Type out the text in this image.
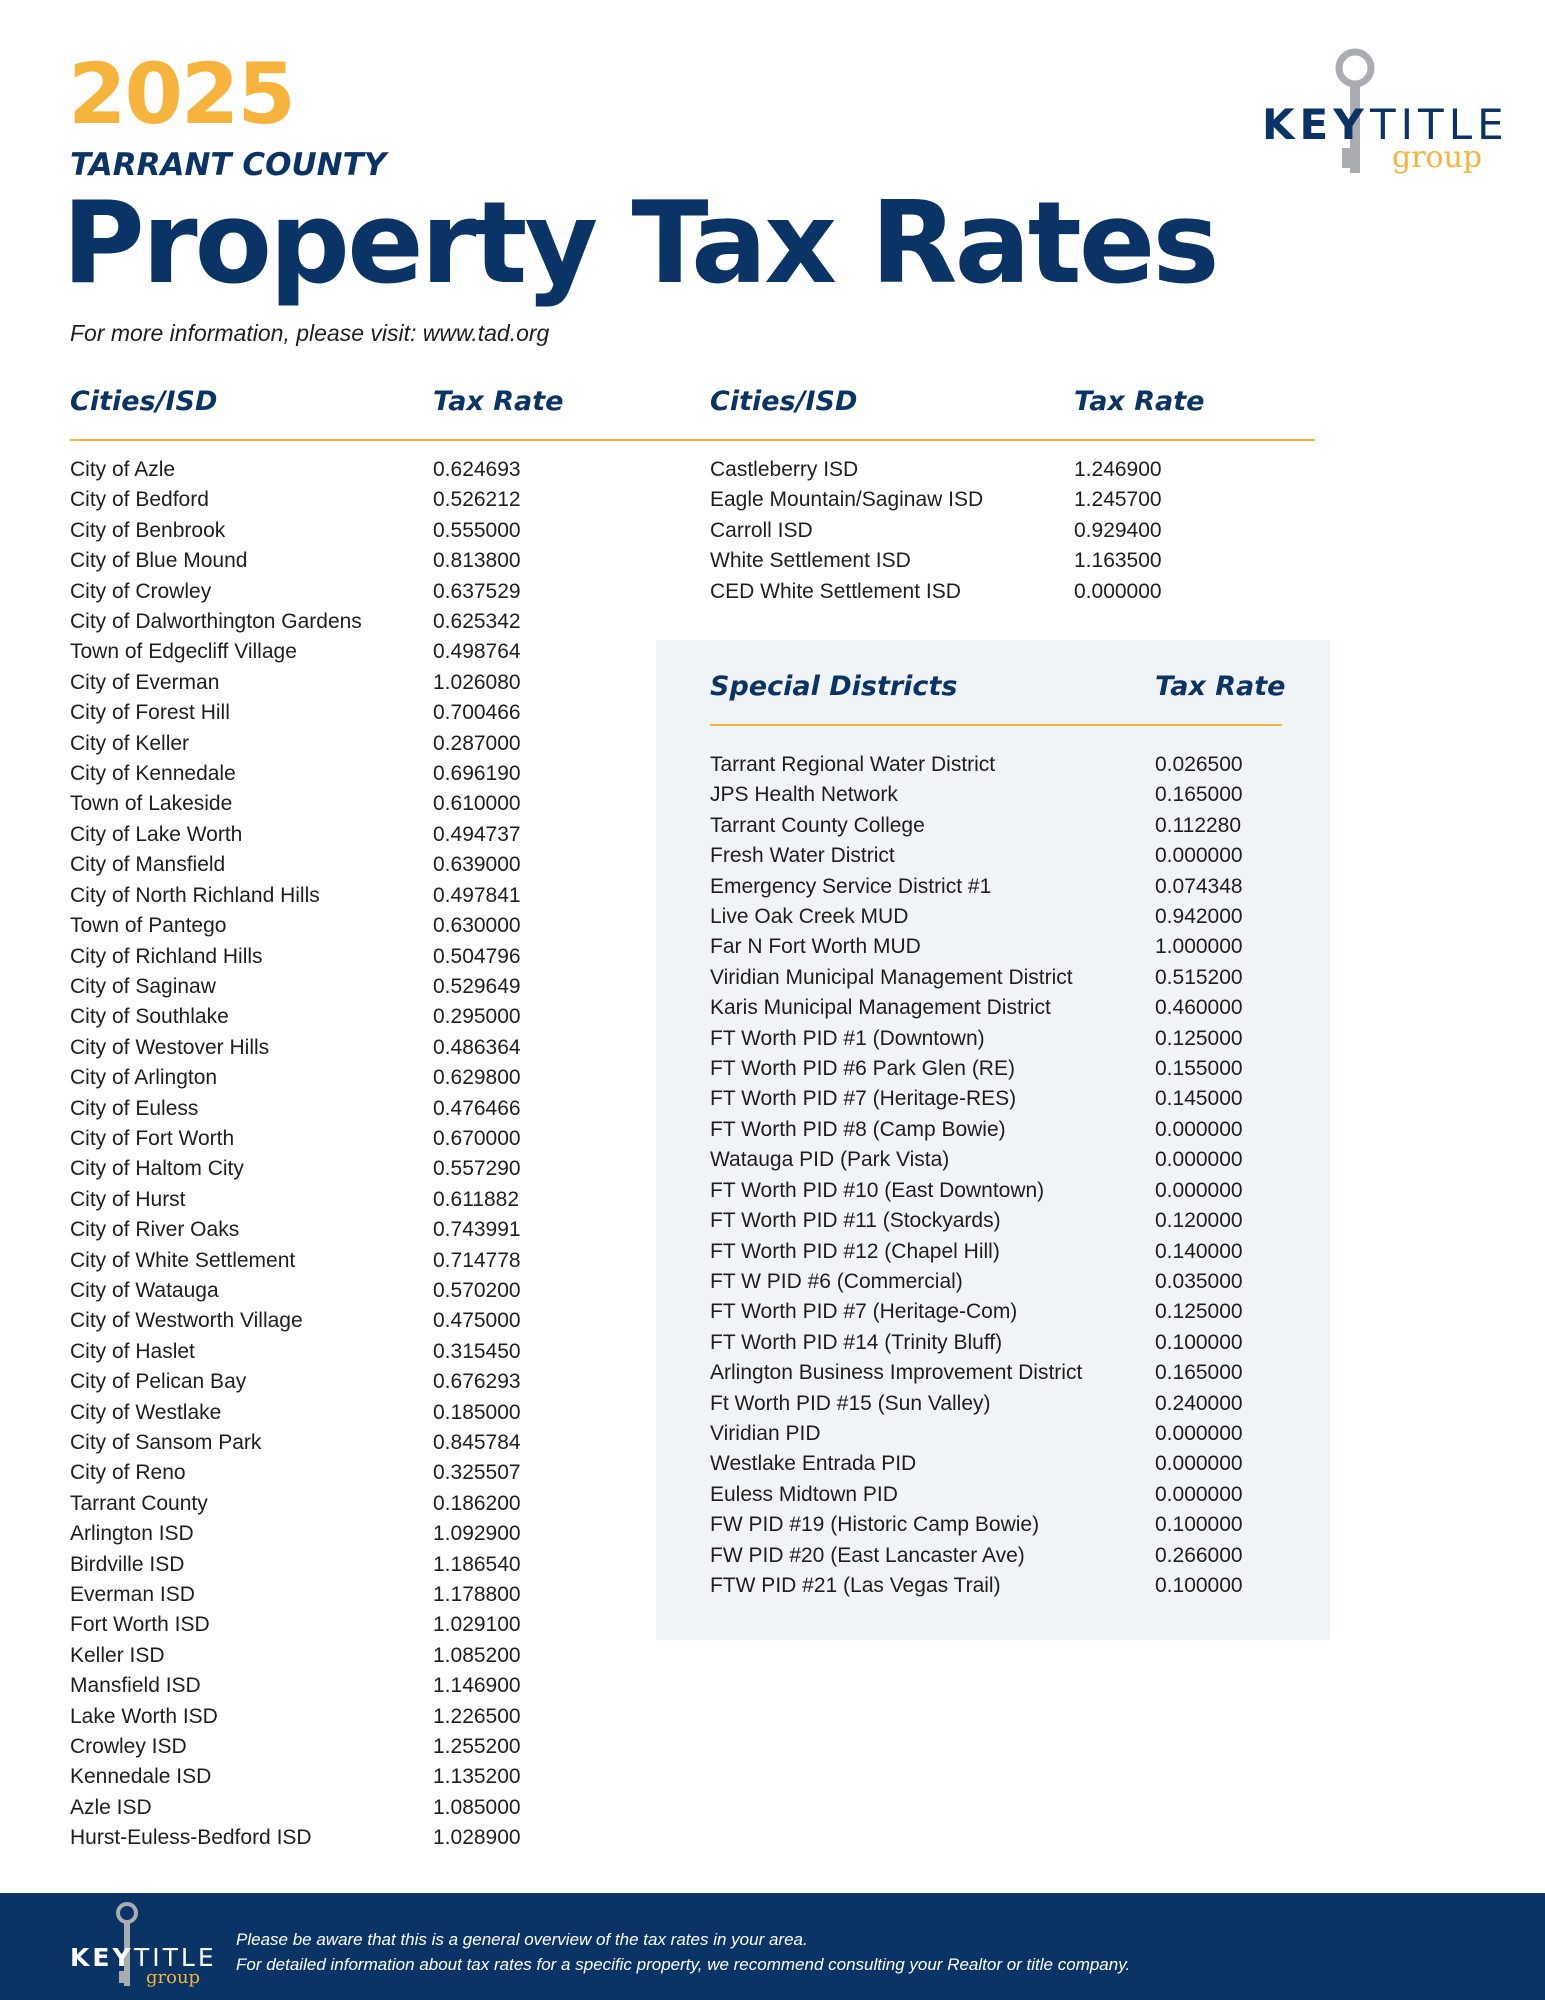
2025
TARRANT COUNTY
Property Tax Rates
For more information, please visit: www.tad.org
KEY TITLE
group
Cities/ISD	Tax Rate	Cities/ISD	Tax Rate
City of Azle	0.624693
City of Bedford	0.526212
City of Benbrook	0.555000
City of Blue Mound	0.813800
City of Crowley	0.637529
City of Dalworthington Gardens	0.625342
Town of Edgecliff Village	0.498764
City of Everman	1.026080
City of Forest Hill	0.700466
City of Keller	0.287000
City of Kennedale	0.696190
Town of Lakeside	0.610000
City of Lake Worth	0.494737
City of Mansfield	0.639000
City of North Richland Hills	0.497841
Town of Pantego	0.630000
City of Richland Hills	0.504796
City of Saginaw	0.529649
City of Southlake	0.295000
City of Westover Hills	0.486364
City of Arlington	0.629800
City of Euless	0.476466
City of Fort Worth	0.670000
City of Haltom City	0.557290
City of Hurst	0.611882
City of River Oaks	0.743991
City of White Settlement	0.714778
City of Watauga	0.570200
City of Westworth Village	0.475000
City of Haslet	0.315450
City of Pelican Bay	0.676293
City of Westlake	0.185000
City of Sansom Park	0.845784
City of Reno	0.325507
Tarrant County	0.186200
Arlington ISD	1.092900
Birdville ISD	1.186540
Everman ISD	1.178800
Fort Worth ISD	1.029100
Keller ISD	1.085200
Mansfield ISD	1.146900
Lake Worth ISD	1.226500
Crowley ISD	1.255200
Kennedale ISD	1.135200
Azle ISD	1.085000
Hurst-Euless-Bedford ISD	1.028900
Castleberry ISD	1.246900
Eagle Mountain/Saginaw ISD	1.245700
Carroll ISD	0.929400
White Settlement ISD	1.163500
CED White Settlement ISD	0.000000
Special Districts	Tax Rate
Tarrant Regional Water District	0.026500
JPS Health Network	0.165000
Tarrant County College	0.112280
Fresh Water District	0.000000
Emergency Service District #1	0.074348
Live Oak Creek MUD	0.942000
Far N Fort Worth MUD	1.000000
Viridian Municipal Management District	0.515200
Karis Municipal Management District	0.460000
FT Worth PID #1 (Downtown)	0.125000
FT Worth PID #6 Park Glen (RE)	0.155000
FT Worth PID #7 (Heritage-RES)	0.145000
FT Worth PID #8 (Camp Bowie)	0.000000
Watauga PID (Park Vista)	0.000000
FT Worth PID #10 (East Downtown)	0.000000
FT Worth PID #11 (Stockyards)	0.120000
FT Worth PID #12 (Chapel Hill)	0.140000
FT W PID #6 (Commercial)	0.035000
FT Worth PID #7 (Heritage-Com)	0.125000
FT Worth PID #14 (Trinity Bluff)	0.100000
Arlington Business Improvement District	0.165000
Ft Worth PID #15 (Sun Valley)	0.240000
Viridian PID	0.000000
Westlake Entrada PID	0.000000
Euless Midtown PID	0.000000
FW PID #19 (Historic Camp Bowie)	0.100000
FW PID #20 (East Lancaster Ave)	0.266000
FTW PID #21 (Las Vegas Trail)	0.100000
KEY TITLE
group
Please be aware that this is a general overview of the tax rates in your area.
For detailed information about tax rates for a specific property, we recommend consulting your Realtor or title company.
